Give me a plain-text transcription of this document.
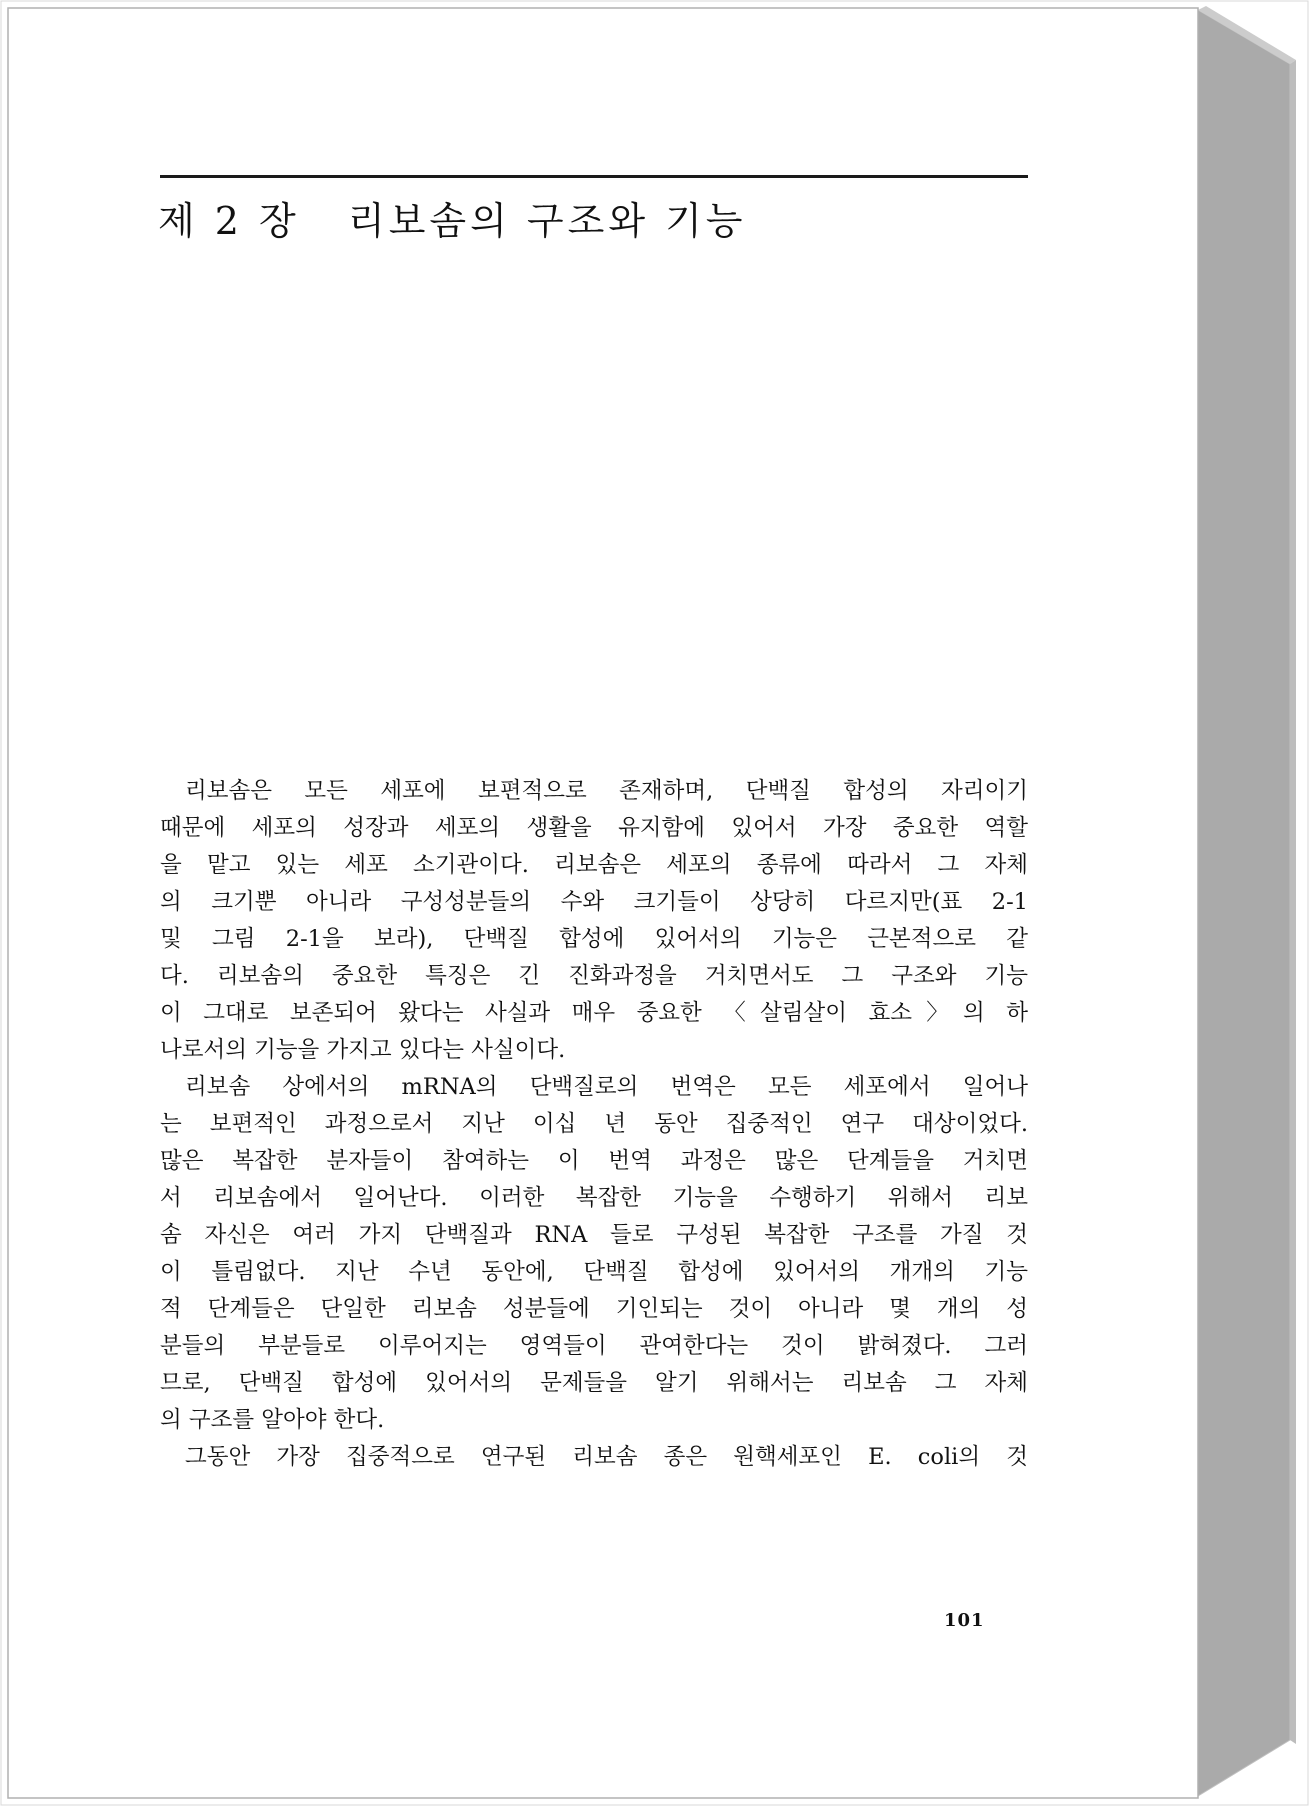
제 2 장   리보솜의 구조와 기능

리보솜은 모든 세포에 보편적으로 존재하며, 단백질 합성의 자리이기

때문에 세포의 성장과 세포의 생활을 유지함에 있어서 가장 중요한 역할

을 맡고 있는 세포 소기관이다. 리보솜은 세포의 종류에 따라서 그 자체

의 크기뿐 아니라 구성성분들의 수와 크기들이 상당히 다르지만(표 2-1

및 그림 2-1을 보라), 단백질 합성에 있어서의 기능은 근본적으로 같

다. 리보솜의 중요한 특징은 긴 진화과정을 거치면서도 그 구조와 기능

이 그대로 보존되어 왔다는 사실과 매우 중요한 〈살림살이 효소〉의 하

나로서의 기능을 가지고 있다는 사실이다.

리보솜 상에서의 mRNA의 단백질로의 번역은 모든 세포에서 일어나

는 보편적인 과정으로서 지난 이십 년 동안 집중적인 연구 대상이었다.

많은 복잡한 분자들이 참여하는 이 번역 과정은 많은 단계들을 거치면

서 리보솜에서 일어난다. 이러한 복잡한 기능을 수행하기 위해서 리보

솜 자신은 여러 가지 단백질과 RNA 들로 구성된 복잡한 구조를 가질 것

이 틀림없다. 지난 수년 동안에, 단백질 합성에 있어서의 개개의 기능

적 단계들은 단일한 리보솜 성분들에 기인되는 것이 아니라 몇 개의 성

분들의 부분들로 이루어지는 영역들이 관여한다는 것이 밝혀졌다. 그러

므로, 단백질 합성에 있어서의 문제들을 알기 위해서는 리보솜 그 자체

의 구조를 알아야 한다.

그동안 가장 집중적으로 연구된 리보솜 종은 원핵세포인 E. coli의 것

101
